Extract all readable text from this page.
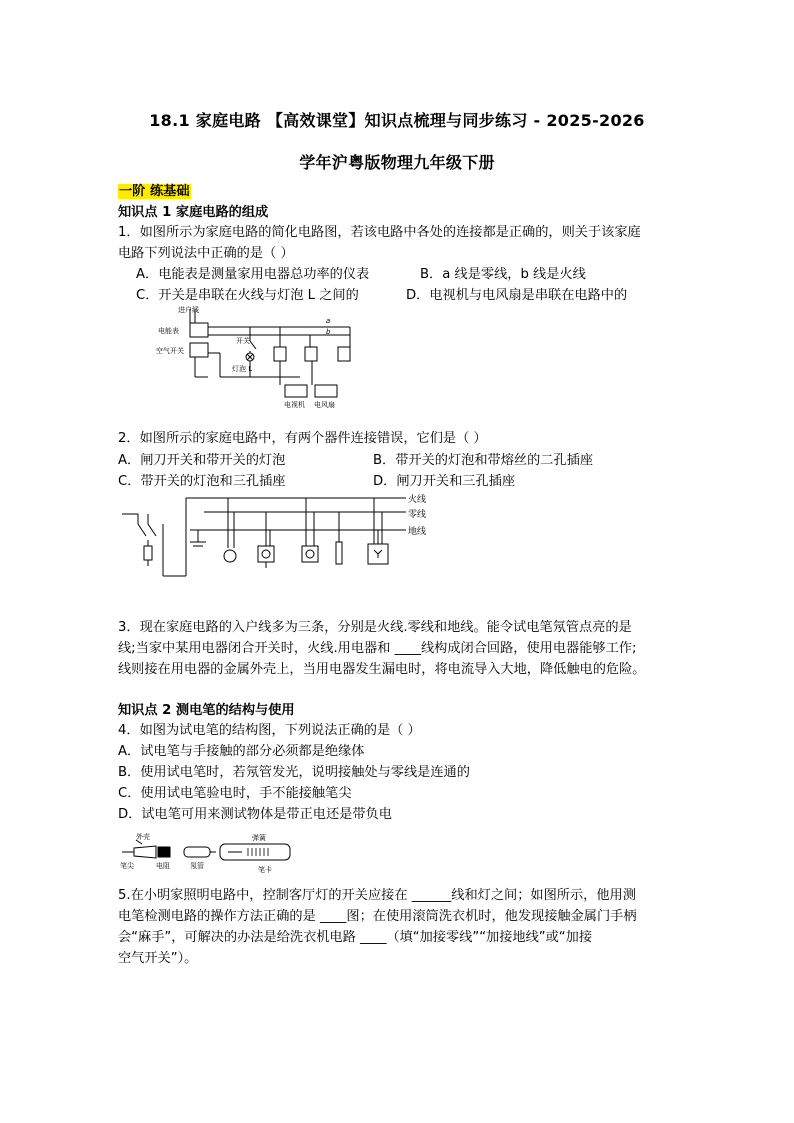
18.1 家庭电路 【高效课堂】知识点梳理与同步练习 - 2025-2026
学年沪粤版物理九年级下册
一阶 练基础
知识点 1 家庭电路的组成
1．如图所示为家庭电路的简化电路图，若该电路中各处的连接都是正确的，则关于该家庭
电路下列说法中正确的是（ ）
A．电能表是测量家用电器总功率的仪表	B．a 线是零线，b 线是火线
C．开关是串联在火线与灯泡 L 之间的	D．电视机与电风扇是串联在电路中的
进户线
电能表
空气开关
开关
灯泡 L
a
b
电视机 电风扇
2．如图所示的家庭电路中，有两个器件连接错误，它们是（ ）
A．闸刀开关和带开关的灯泡	B．带开关的灯泡和带熔丝的二孔插座
C．带开关的灯泡和三孔插座	D．闸刀开关和三孔插座
火线
零线
地线
3．现在家庭电路的入户线多为三条，分别是火线.零线和地线。能令试电笔氖管点亮的是
线;当家中某用电器闭合开关时，火线.用电器和 ____线构成闭合回路，使用电器能够工作;
线则接在用电器的金属外壳上，当用电器发生漏电时，将电流导入大地，降低触电的危险。
知识点 2 测电笔的结构与使用
4．如图为试电笔的结构图，下列说法正确的是（ ）
A．试电笔与手接触的部分必须都是绝缘体
B．使用试电笔时，若氖管发光，说明接触处与零线是连通的
C．使用试电笔验电时，手不能接触笔尖
D．试电笔可用来测试物体是带正电还是带负电
外壳
笔尖	电阻	氖管
弹簧
笔卡
5.在小明家照明电路中，控制客厅灯的开关应接在 ______线和灯之间；如图所示，他用测
电笔检测电路的操作方法正确的是 ____图；在使用滚筒洗衣机时，他发现接触金属门手柄
会“麻手”，可解决的办法是给洗衣机电路 ____（填“加接零线”“加接地线”或“加接
空气开关”）。
